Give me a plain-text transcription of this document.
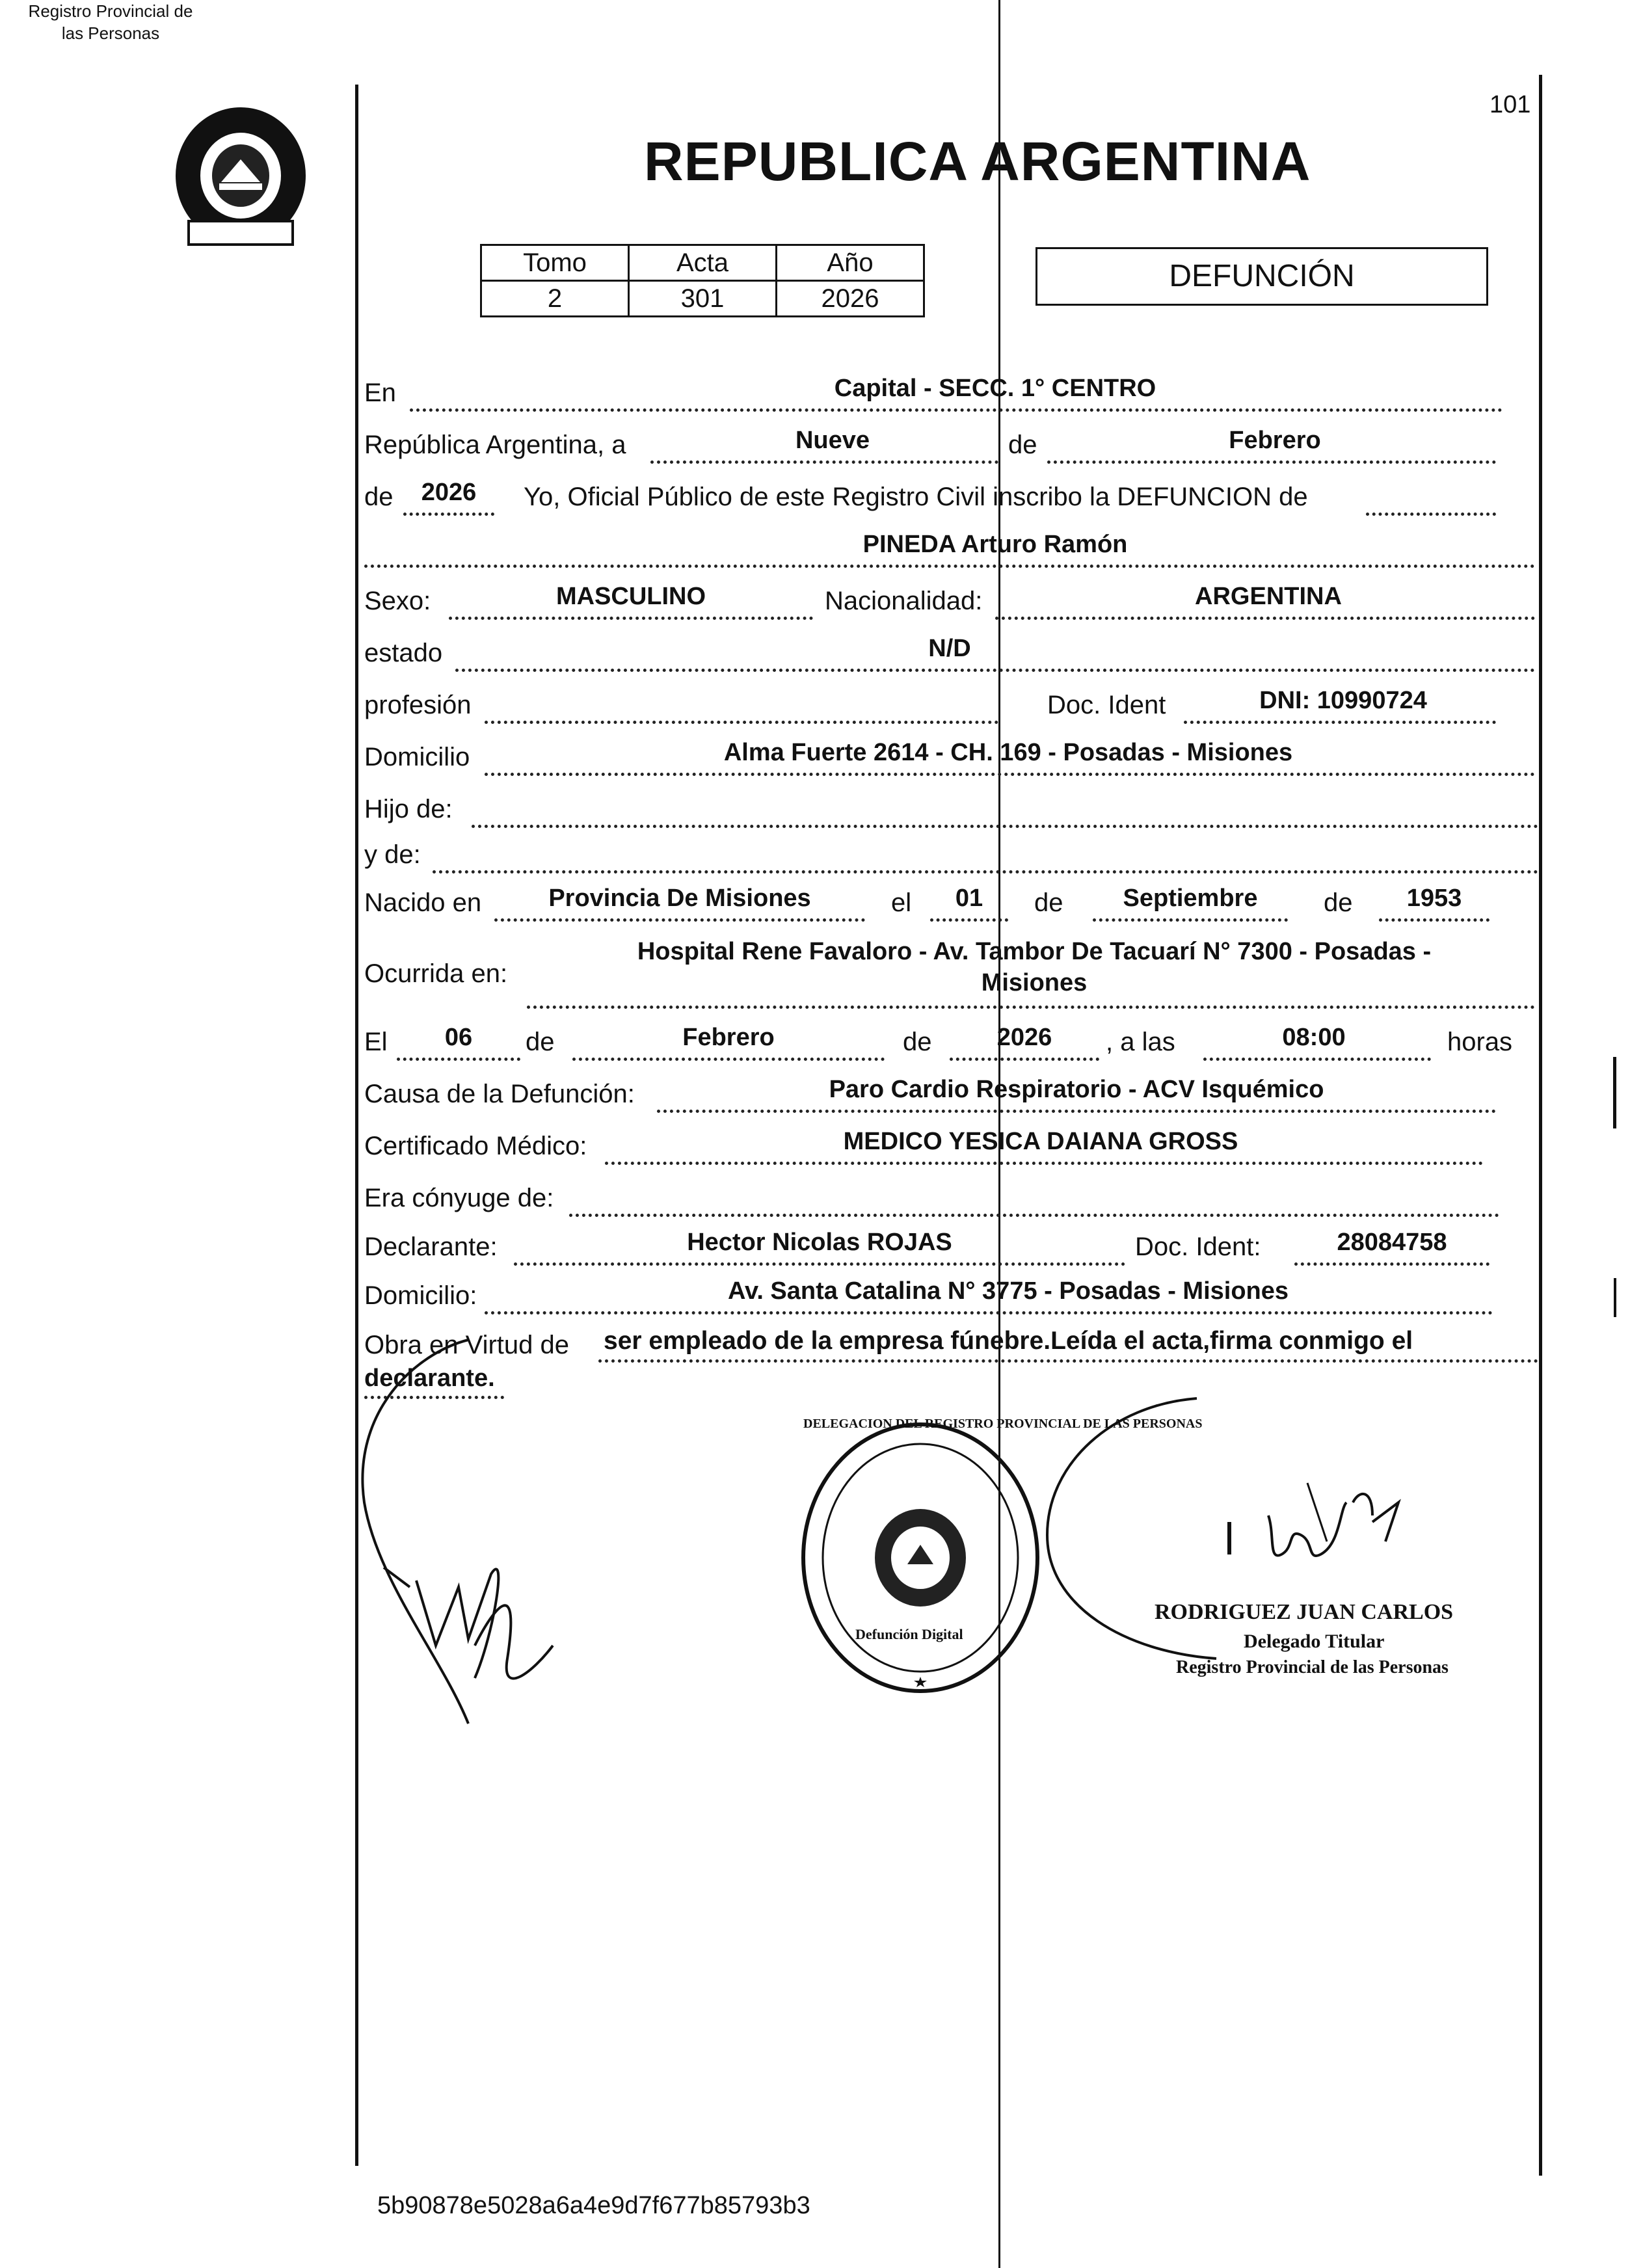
Registro Provincial de
las Personas
101
REPUBLICA ARGENTINA
Tomo	Acta	Año
2	301	2026
DEFUNCIÓN
En	Capital - SECC. 1° CENTRO
República Argentina, a	Nueve	de	Febrero
de	2026	Yo, Oficial Público de este Registro Civil inscribo la DEFUNCION de
PINEDA Arturo Ramón
Sexo:	MASCULINO	Nacionalidad:	ARGENTINA
estado	N/D
profesión	Doc. Ident	DNI: 10990724
Domicilio	Alma Fuerte 2614 - CH. 169 - Posadas - Misiones
Hijo de:
y de:
Nacido en	Provincia De Misiones	el	01	de	Septiembre	de	1953
Ocurrida en:
Hospital Rene Favaloro - Av. Tambor De Tacuarí N° 7300 - Posadas -
Misiones
El	06	de	Febrero	de	2026	, a las	08:00	horas
Causa de la Defunción:	Paro Cardio Respiratorio - ACV Isquémico
Certificado Médico:	MEDICO YESICA DAIANA GROSS
Era cónyuge de:
Declarante:	Hector Nicolas ROJAS	Doc. Ident:	28084758
Domicilio:	Av. Santa Catalina N° 3775 - Posadas - Misiones
Obra en Virtud de ser empleado de la empresa fúnebre.Leída el acta,firma conmigo el
declarante.
DELEGACION DEL REGISTRO PROVINCIAL DE LAS PERSONAS
Defunción Digital
RODRIGUEZ JUAN CARLOS
Delegado Titular
Registro Provincial de las Personas
5b90878e5028a6a4e9d7f677b85793b3
